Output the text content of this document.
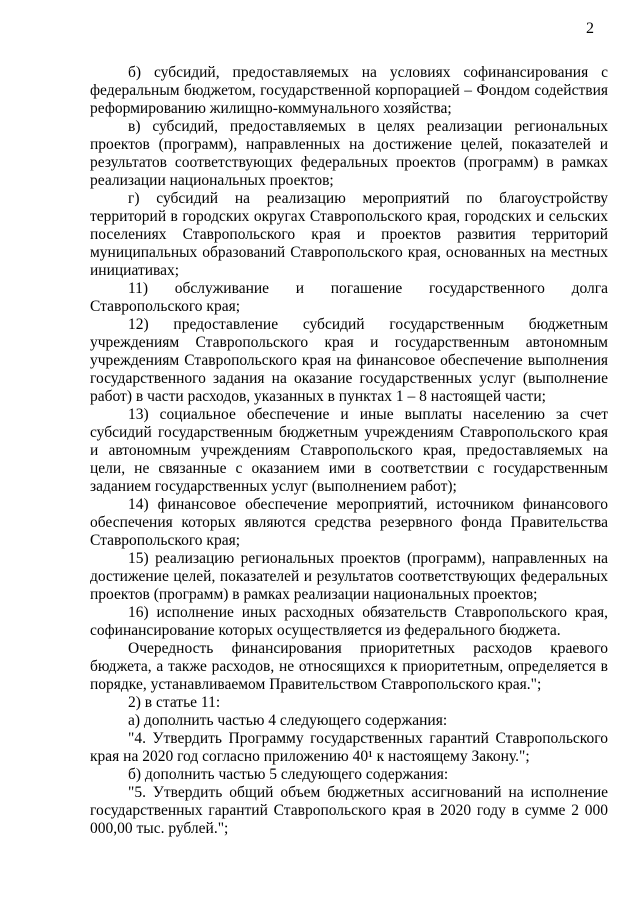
2

б) субсидий, предоставляемых на условиях софинансирования с федеральным бюджетом, государственной корпорацией – Фондом содействия реформированию жилищно-коммунального хозяйства;

в) субсидий, предоставляемых в целях реализации региональных проектов (программ), направленных на достижение целей, показателей и результатов соответствующих федеральных проектов (программ) в рамках реализации национальных проектов;

г) субсидий на реализацию мероприятий по благоустройству территорий в городских округах Ставропольского края, городских и сельских поселениях Ставропольского края и проектов развития территорий муниципальных образований Ставропольского края, основанных на местных инициативах;

11) обслуживание и погашение государственного долга Ставропольского края;

12) предоставление субсидий государственным бюджетным учреждениям Ставропольского края и государственным автономным учреждениям Ставропольского края на финансовое обеспечение выполнения государственного задания на оказание государственных услуг (выполнение работ) в части расходов, указанных в пунктах 1 – 8 настоящей части;

13) социальное обеспечение и иные выплаты населению за счет субсидий государственным бюджетным учреждениям Ставропольского края и автономным учреждениям Ставропольского края, предоставляемых на цели, не связанные с оказанием ими в соответствии с государственным заданием государственных услуг (выполнением работ);

14) финансовое обеспечение мероприятий, источником финансового обеспечения которых являются средства резервного фонда Правительства Ставропольского края;

15) реализацию региональных проектов (программ), направленных на достижение целей, показателей и результатов соответствующих федеральных проектов (программ) в рамках реализации национальных проектов;

16) исполнение иных расходных обязательств Ставропольского края, софинансирование которых осуществляется из федерального бюджета.

Очередность финансирования приоритетных расходов краевого бюджета, а также расходов, не относящихся к приоритетным, определяется в порядке, устанавливаемом Правительством Ставропольского края.";

2) в статье 11:

а) дополнить частью 4 следующего содержания:

"4. Утвердить Программу государственных гарантий Ставропольского края на 2020 год согласно приложению 40¹ к настоящему Закону.";

б) дополнить частью 5 следующего содержания:

"5. Утвердить общий объем бюджетных ассигнований на исполнение государственных гарантий Ставропольского края в 2020 году в сумме 2 000 000,00 тыс. рублей.";
